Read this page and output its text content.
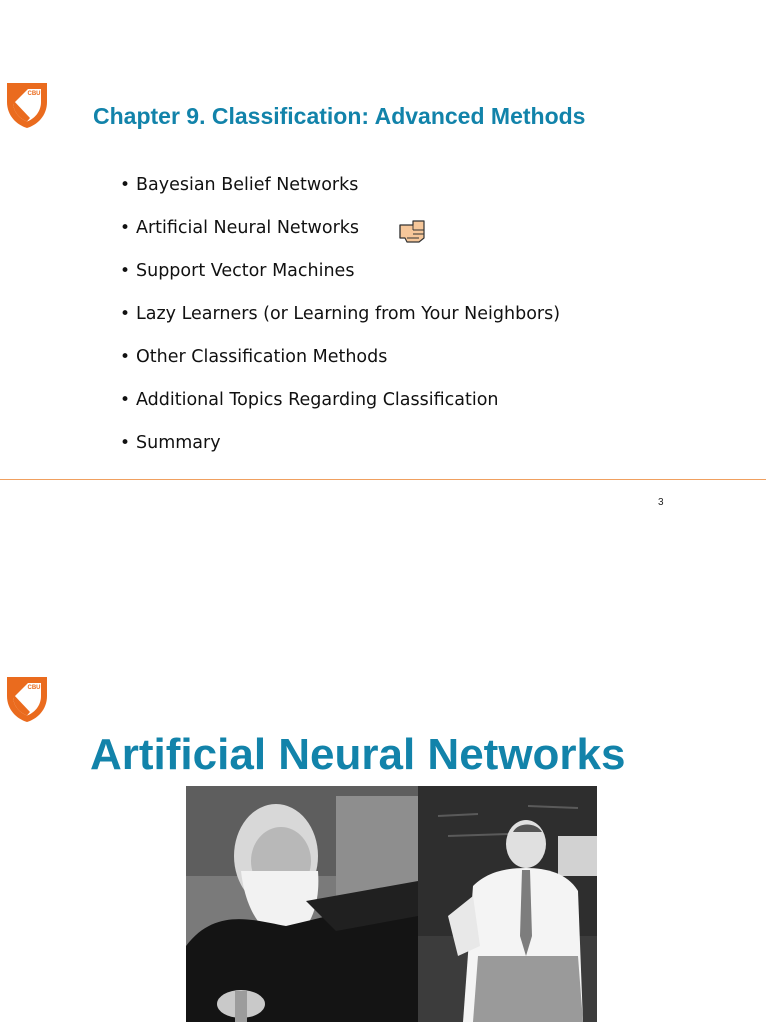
CBU
Chapter 9. Classification: Advanced Methods
• Bayesian Belief Networks
• Artificial Neural Networks
• Support Vector Machines
• Lazy Learners (or Learning from Your Neighbors)
• Other Classification Methods
• Additional Topics Regarding Classification
• Summary
3
CBU
Artificial Neural Networks
